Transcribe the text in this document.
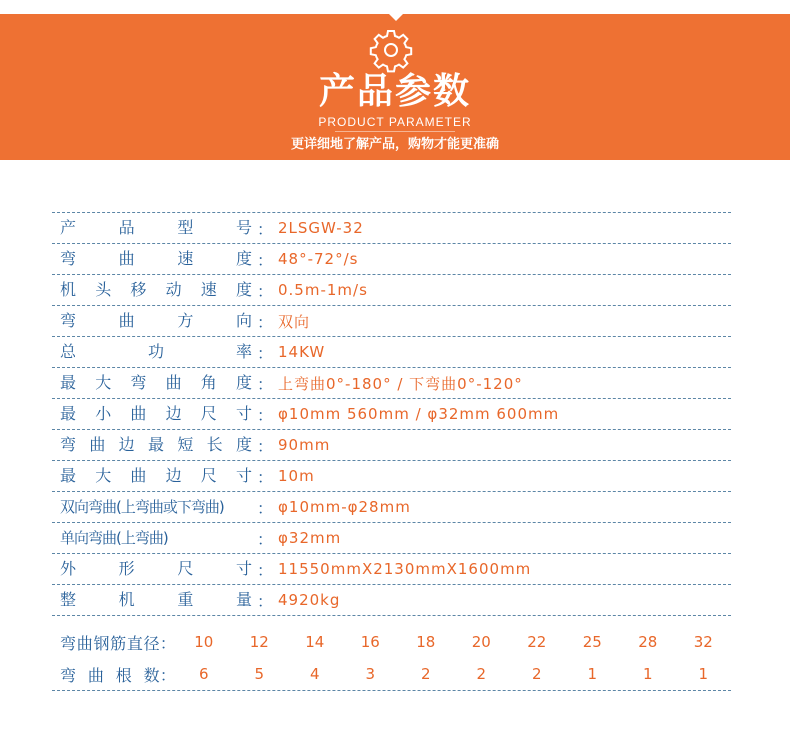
产品参数
PRODUCT PARAMETER
更详细地了解产品，购物才能更准确
产	品	型	号 ： 2LSGW-32
弯	曲	速	度 ： 48°-72°/s
机 头 移 动 速 度 ： 0.5m-1m/s
弯	曲	方	向 ： 双向
总	功	率 ： 14KW
最 大 弯 曲 角 度 ： 上弯曲0°-180° / 下弯曲0°-120°
最 小 曲 边 尺 寸 ： φ10mm 560mm / φ32mm 600mm
弯 曲 边 最 短 长 度 ： 90mm
最 大 曲 边 尺 寸 ： 10m
双向弯曲(上弯曲或下弯曲)	： φ10mm-φ28mm
单向弯曲(上弯曲)	： φ32mm
外	形	尺	寸 ： 11550mmX2130mmX1600mm
整	机	重	量 ： 4920kg
弯 曲 钢 筋 直 径 ：	10	12	14	16	18	20	22	25	28	32
弯 曲 根 数 ：	6	5	4	3	2	2	2	1	1	1
